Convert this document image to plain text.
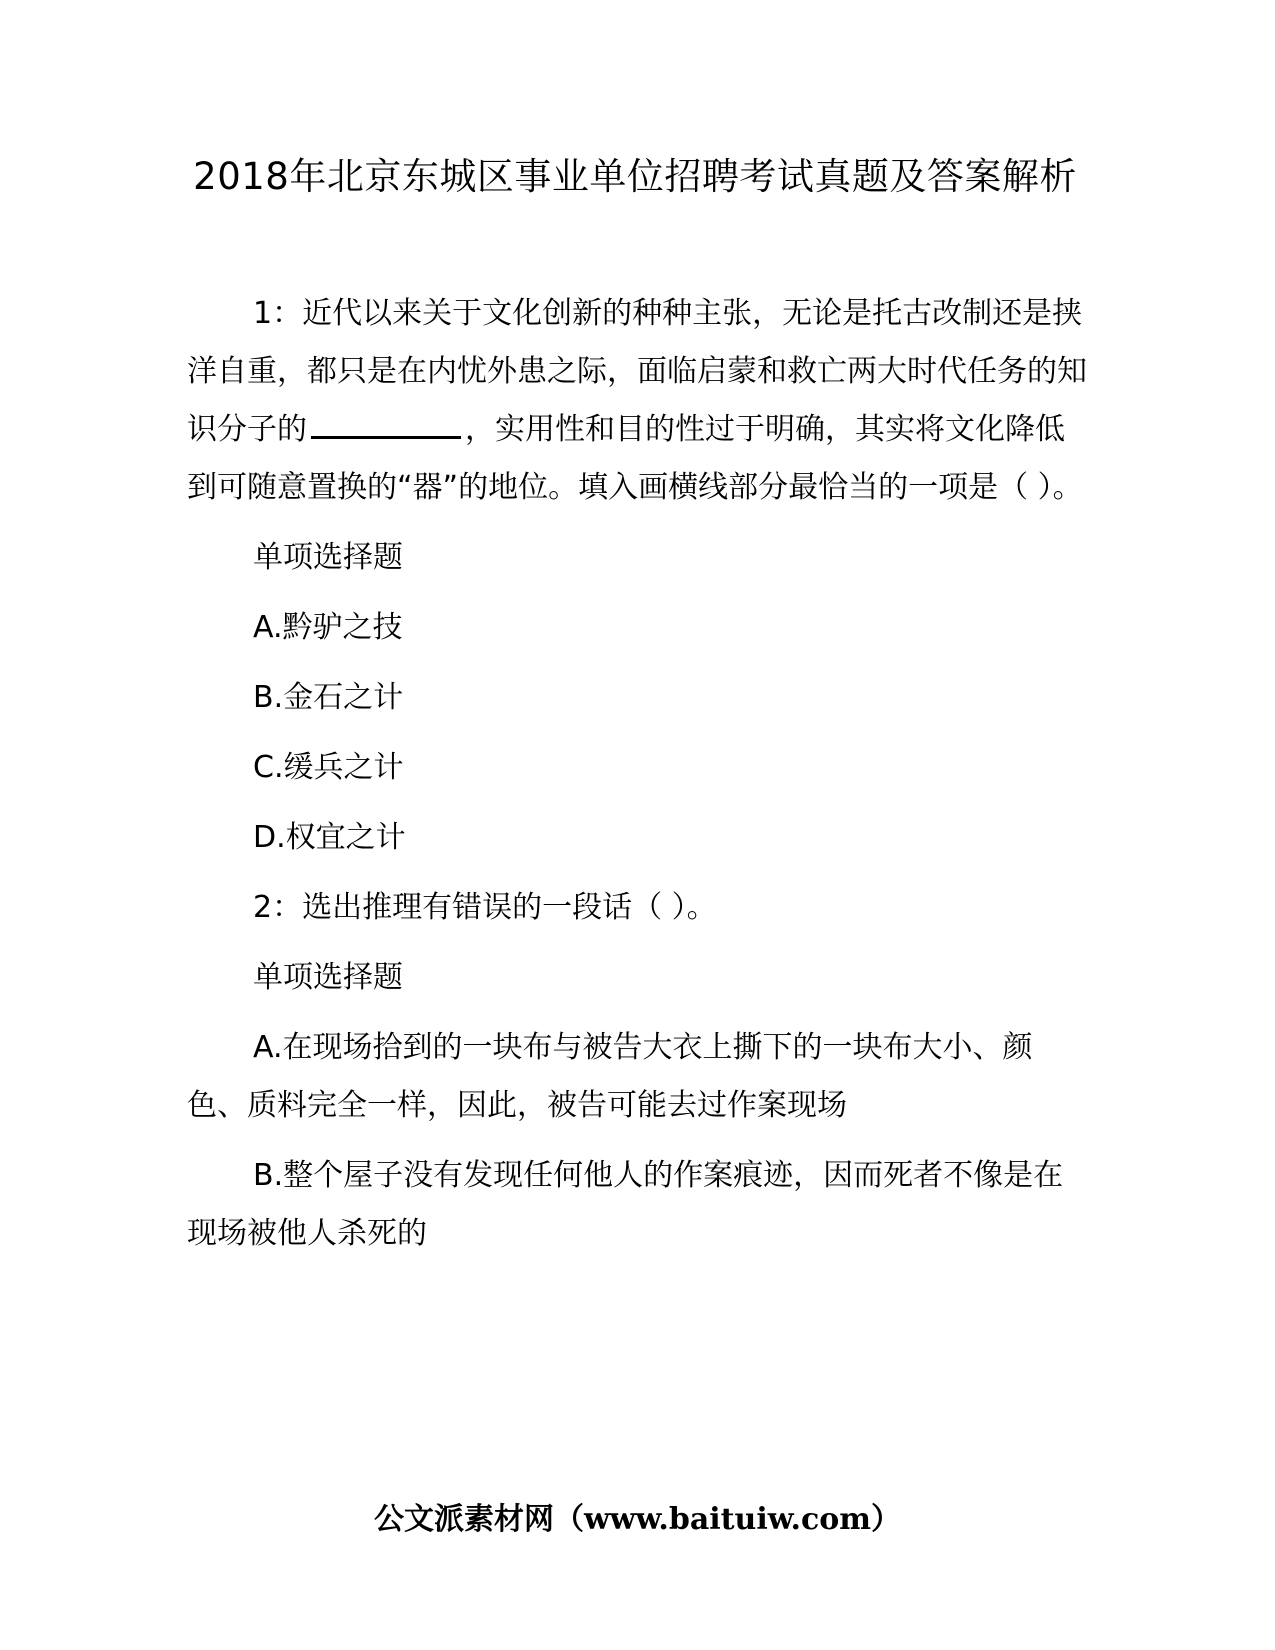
2018年北京东城区事业单位招聘考试真题及答案解析

1：近代以来关于文化创新的种种主张，无论是托古改制还是挟洋自重，都只是在内忧外患之际，面临启蒙和救亡两大时代任务的知识分子的	，实用性和目的性过于明确，其实将文化降低到可随意置换的“器”的地位。填入画横线部分最恰当的一项是（ ）。

单项选择题

A.黔驴之技

B.金石之计

C.缓兵之计

D.权宜之计

2：选出推理有错误的一段话（ ）。

单项选择题

A.在现场拾到的一块布与被告大衣上撕下的一块布大小、颜色、质料完全一样，因此，被告可能去过作案现场

B.整个屋子没有发现任何他人的作案痕迹，因而死者不像是在现场被他人杀死的

公文派素材网（www.baituiw.com）
